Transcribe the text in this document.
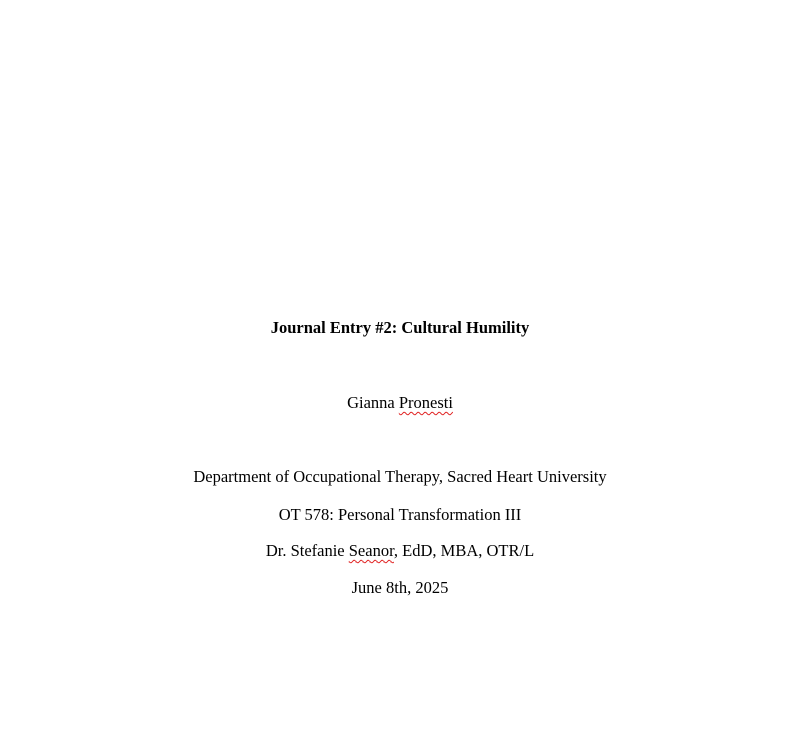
Journal Entry #2: Cultural Humility
Gianna Pronesti
Department of Occupational Therapy, Sacred Heart University
OT 578: Personal Transformation III
Dr. Stefanie Seanor, EdD, MBA, OTR/L
June 8th, 2025
